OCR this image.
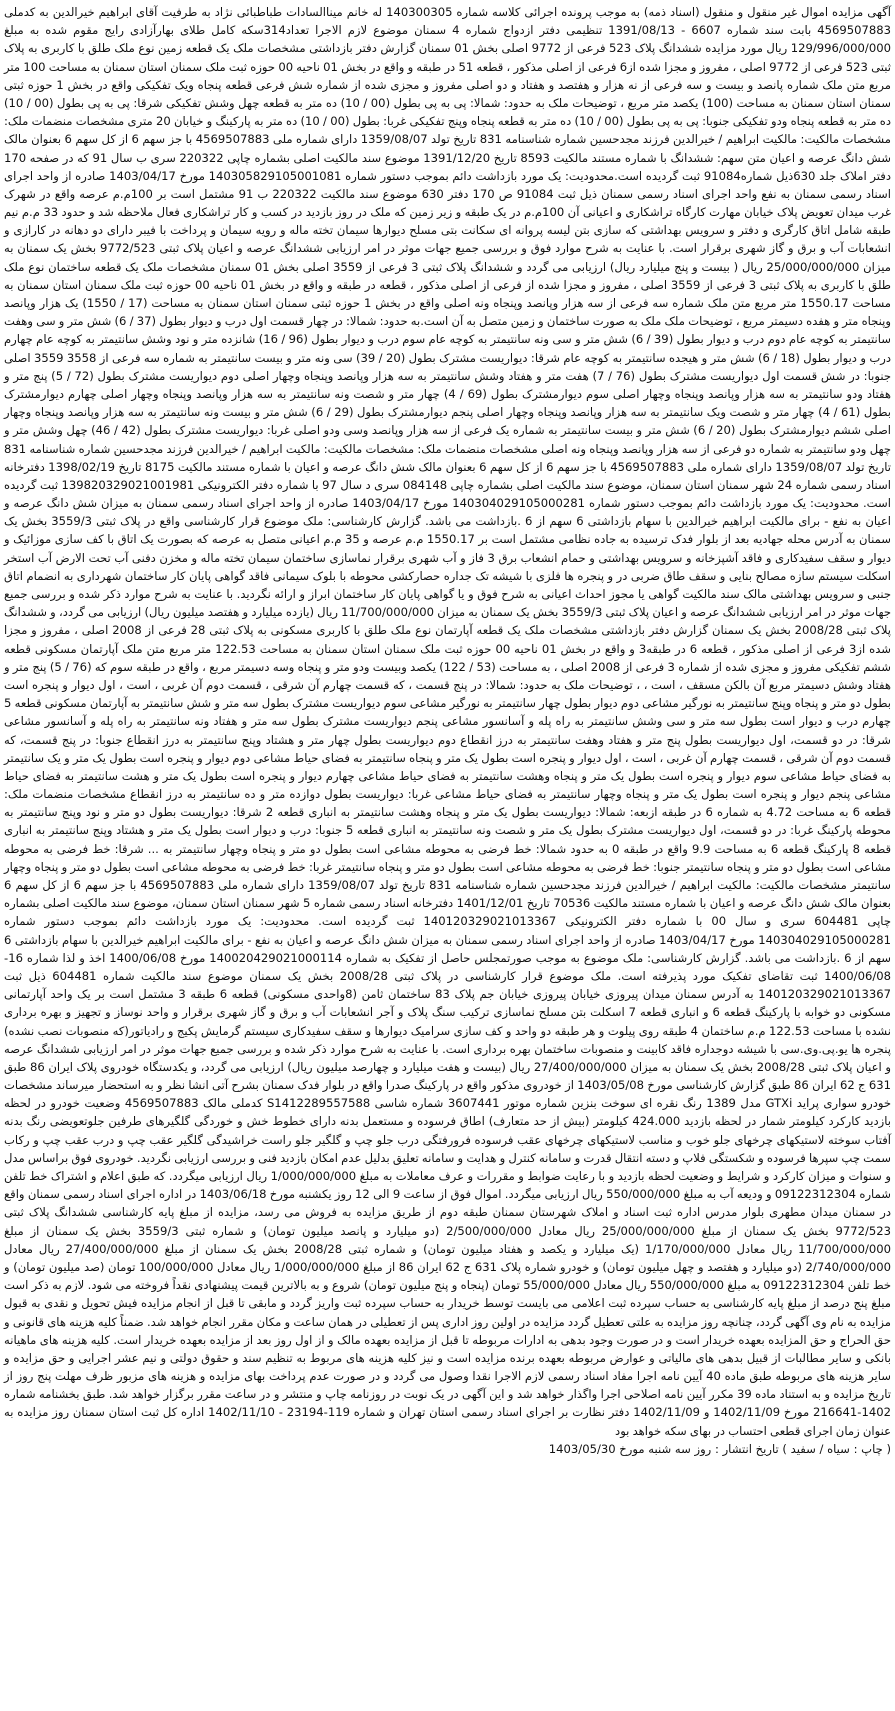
آگهی مزایده اموال غیر منقول و منقول (اسناد ذمه) به موجب پرونده اجرائی کلاسه شماره 140300305 له خانم میناالسادات طباطبائی نژاد به طرفیت آقای ابراهیم خیرالدین به کدملی 4569507883 بابت سند شماره 6607 - 1391/08/13 تنظیمی دفتر ازدواج شماره 4 سمنان موضوع لازم الاجرا تعداد314سکه کامل طلای بهارآزادی رایج مقوم شده به مبلغ 129/996/000/000 ریال مورد مزایده ششدانگ پلاک 523 فرعی از 9772 اصلی بخش 01 سمنان گزارش دفتر بازداشتی مشخصات ملک یک قطعه زمین نوع ملک طلق با کاربری به پلاک ثبتی 523 فرعی از 9772 اصلی ، مفروز و مجزا شده از6 فرعی از اصلی مذکور ، قطعه 51 در طبقه و واقع در بخش 01 ناحیه 00 حوزه ثبت ملک سمنان استان سمنان به مساحت 100 متر مربع متن ملک شماره پانصد و بیست و سه فرعی از نه هزار و هفتصد و هفتاد و دو اصلی مفروز و مجزی شده از شماره شش فرعی قطعه پنجاه ویک تفکیکی واقع در بخش 1 حوزه ثبتی سمنان استان سمنان به مساحت (100) یکصد متر مربع ، توضیحات ملک به حدود: شمالا: پی به پی بطول (00 / 10) ده متر به قطعه چهل وشش تفکیکی شرقا: پی به پی بطول (00 / 10) ده متر به قطعه پنجاه ودو تفکیکی جنوبا: پی به پی بطول (00 / 10) ده متر به قطعه پنجاه وپنج تفکیکی غربا: بطول (00 / 10) ده متر به پارکینگ و خیابان 20 متری مشخصات منضمات ملک: مشخصات مالکیت: مالکیت ابراهیم / خیرالدین فرزند مجدحسین شماره شناسنامه 831 تاریخ تولد 1359/08/07 دارای شماره ملی 4569507883 با جز سهم 6 از کل سهم 6 بعنوان مالک شش دانگ عرصه و اعیان متن سهم: ششدانگ با شماره مستند مالکیت 8593 تاریخ 1391/12/20 موضوع سند مالکیت اصلی بشماره چاپی 220322 سری ب سال 91 که در صفحه 170 دفتر املاک جلد 630ذیل شماره91084 ثبت گردیده است.محدودیت: یک مورد بازداشت دائم بموجب دستور شماره 140305829105001081 مورخ 1403/04/17 صادره از واحد اجرای اسناد رسمی سمنان به نفع واحد اجرای اسناد رسمی سمنان ذیل ثبت 91084 ص 170 دفتر 630 موضوع سند مالکیت 220322 ب 91 مشتمل است بر 100م.م عرصه واقع در شهرک غرب میدان تعویض پلاک خیابان مهارت کارگاه تراشکاری و اعیانی آن 100م.م در یک طبقه و زیر زمین که ملک در روز بازدید در کسب و کار تراشکاری فعال ملاحظه شد و حدود 33 م.م نیم طبقه شامل اتاق کارگری و دفتر و سرویس بهداشتی که سازی بتن لیسه پروانه ای سکانت بتی مسلح دیوارها سیمان تخته ماله و رویه سیمان و پرداخت با فیبر دارای دو دهانه در کارازی و انشعابات آب و برق و گاز شهری برقرار است. با عنایت به شرح موارد فوق و بررسی جمیع جهات موثر در امر ارزیابی ششدانگ عرصه و اعیان پلاک ثبتی 9772/523 بخش یک سمنان به میزان 25/000/000/000 ریال ( بیست و پنج میلیارد ریال) ارزیابی می گردد و ششدانگ پلاک ثبتی 3 فرعی از 3559 اصلی بخش 01 سمنان مشخصات ملک یک قطعه ساختمان نوع ملک طلق با کاربری به پلاک ثبتی 3 فرعی از 3559 اصلی ، مفروز و مجزا شده از فرعی از اصلی مذکور ، قطعه در طبقه و واقع در بخش 01 ناحیه 00 حوزه ثبت ملک سمنان استان سمنان به مساحت 1550.17 متر مربع متن ملک شماره سه فرعی از سه هزار وپانصد وپنجاه ونه اصلی واقع در بخش 1 حوزه ثبتی سمنان استان سمنان به مساحت (17 / 1550) یک هزار وپانصد وپنجاه متر و هفده دسیمتر مربع ، توضیحات ملک ملک به صورت ساختمان و زمین متصل به آن است.به حدود: شمالا: در چهار قسمت اول درب و دیوار بطول (37 / 6) شش متر و سی وهفت سانتیمتر به کوچه عام دوم درب و دیوار بطول (39 / 6) شش متر و سی ونه سانتیمتر به کوچه عام سوم درب و دیوار بطول (96 / 16) شانزده متر و نود وشش سانتیمتر به کوچه عام چهارم درب و دیوار بطول (18 / 6) شش متر و هیجده سانتیمتر به کوچه عام شرقا: دیواریست مشترک بطول (20 / 39) سی ونه متر و بیست سانتیمتر به شماره سه فرعی از 3558 3559 اصلی جنوبا: در شش قسمت اول دیواریست مشترک بطول (76 / 7) هفت متر و هفتاد وشش سانتیمتر به سه هزار وپانصد وپنجاه وچهار اصلی دوم دیواریست مشترک بطول (72 / 5) پنج متر و هفتاد ودو سانتیمتر به سه هزار وپانصد وپنجاه وچهار اصلی سوم دیوارمشترک بطول (69 / 4) چهار متر و شصت ونه سانتیمتر به سه هزار وپانصد وپنجاه وچهار اصلی چهارم دیوارمشترک بطول (61 / 4) چهار متر و شصت ویک سانتیمتر به سه هزار وپانصد وپنجاه وچهار اصلی پنجم دیوارمشترک بطول (29 / 6) شش متر و بیست ونه سانتیمتر به سه هزار وپانصد وپنجاه وچهار اصلی ششم دیوارمشترک بطول (20 / 6) شش متر و بیست سانتیمتر به شماره یک فرعی از سه هزار وپانصد وسی ودو اصلی غربا: دیواریست مشترک بطول (42 / 46) چهل وشش متر و چهل ودو سانتیمتر به شماره دو فرعی از سه هزار وپانصد وپنجاه ونه اصلی مشخصات منضمات ملک: مشخصات مالکیت: مالکیت ابراهیم / خیرالدین فرزند مجدحسین شماره شناسنامه 831 تاریخ تولد 1359/08/07 دارای شماره ملی 4569507883 با جز سهم 6 از کل سهم 6 بعنوان مالک شش دانگ عرصه و اعیان با شماره مستند مالکیت 8175 تاریخ 1398/02/19 دفترخانه اسناد رسمی شماره 24 شهر سمنان استان سمنان، موضوع سند مالکیت اصلی بشماره چاپی 084148 سری د سال 97 با شماره دفتر الکترونیکی 139820329021001981 ثبت گردیده است. محدودیت: یک مورد بازداشت دائم بموجب دستور شماره 140304029105000281 مورخ 1403/04/17 صادره از واحد اجرای اسناد رسمی سمنان به میزان شش دانگ عرصه و اعیان به نفع - برای مالکیت ابراهیم خیرالدین با سهام بازداشتی 6 سهم از 6 .بازداشت می باشد. گزارش کارشناسی: ملک موضوع قرار کارشناسی واقع در پلاک ثبتی 3559/3 بخش یک سمنان به آدرس محله جهادیه بعد از بلوار فدک ترسیده به جاده نظامی مشتمل است بر 1550.17 م.م عرصه و 35 م.م اعیانی متصل به عرصه که بصورت یک اتاق با کف سازی موزائیک و دیوار و سقف سفیدکاری و فاقد آشپزخانه و سرویس بهداشتی و حمام انشعاب برق 3 فاز و آب شهری برقرار نماسازی ساختمان سیمان تخته ماله و مخزن دفنی آب تحت الارض آب استخر اسکلت سیستم سازه مصالح بنایی و سقف طاق ضربی در و پنجره ها فلزی با شیشه تک جداره حصارکشی محوطه با بلوک سیمانی فاقد گواهی پایان کار ساختمان شهرداری به انضمام اتاق جنبی و سرویس بهداشتی مالک سند مالکیت گواهی یا مجوز احداث اعیانی به شرح فوق و یا گواهی پایان کار ساختمان ابراز و ارائه نگردید. با عنایت به شرح موارد ذکر شده و بررسی جمیع جهات موثر در امر ارزیابی ششدانگ عرصه و اعیان پلاک ثبتی 3559/3 بخش یک سمنان به میزان 11/700/000/000 ریال (یازده میلیارد و هفتصد میلیون ریال) ارزیابی می گردد، و ششدانگ پلاک ثبتی 2008/28 بخش یک سمنان گزارش دفتر بازداشتی مشخصات ملک یک قطعه آپارتمان نوع ملک طلق با کاربری مسکونی به پلاک ثبتی 28 فرعی از 2008 اصلی ، مفروز و مجزا شده از3 فرعی از اصلی مذکور ، قطعه 6 در طبقه3 و واقع در بخش 01 ناحیه 00 حوزه ثبت ملک سمنان استان سمنان به مساحت 122.53 متر مربع متن ملک آپارتمان مسکونی قطعه ششم تفکیکی مفروز و مجزی شده از شماره 3 فرعی از 2008 اصلی ، به مساحت (53 / 122) یکصد وبیست ودو متر و پنجاه وسه دسیمتر مربع ، واقع در طبقه سوم که (76 / 5) پنج متر و هفتاد وشش دسیمتر مربع آن بالکن مسقف ، است ، ، توضیحات ملک به حدود: شمالا: در پنج قسمت ، که قسمت چهارم آن شرقی ، قسمت دوم آن غربی ، است ، اول دیوار و پنجره است بطول دو متر و پنجاه وپنج سانتیمتر به نورگیر مشاعی دوم دیوار بطول چهار سانتیمتر به نورگیر مشاعی سوم دیواریست مشترک بطول سه متر و شش سانتیمتر به آپارتمان مسکونی قطعه 5 چهارم درب و دیوار است بطول سه متر و سی وشش سانتیمتر به راه پله و آسانسور مشاعی پنجم دیواریست مشترک بطول سه متر و هفتاد ونه سانتیمتر به راه پله و آسانسور مشاعی شرقا: در دو قسمت، اول دیواریست بطول پنج متر و هفتاد وهفت سانتیمتر به درز انقطاع دوم دیواریست بطول چهار متر و هشتاد وپنج سانتیمتر به درز انقطاع جنوبا: در پنج قسمت، که قسمت دوم آن شرقی ، قسمت چهارم آن غربی ، است ، اول دیوار و پنجره است بطول یک متر و پنجاه سانتیمتر به فضای حیاط مشاعی دوم دیوار و پنجره است بطول یک متر و یک سانتیمتر به فضای حیاط مشاعی سوم دیوار و پنجره است بطول یک متر و پنجاه وهشت سانتیمتر به فضای حیاط مشاعی چهارم دیوار و پنجره است بطول یک متر و هشت سانتیمتر به فضای حیاط مشاعی پنجم دیوار و پنجره است بطول یک متر و پنجاه وچهار سانتیمتر به فضای حیاط مشاعی غربا: دیواریست بطول دوازده متر و ده سانتیمتر به درز انقطاع مشخصات منضمات ملک: قطعه 6 به مساحت 4.72 به شماره 6 در طبقه ازبعه: شمالا: دیواریست بطول یک متر و پنجاه وهشت سانتیمتر به انباری قطعه 2 شرقا: دیواریست بطول دو متر و نود وپنج سانتیمتر به محوطه پارکینگ غربا: در دو قسمت، اول دیواریست مشترک بطول یک متر و شصت ونه سانتیمتر به انباری قطعه 5 جنوبا: درب و دیوار است بطول یک متر و هشتاد وپنج سانتیمتر به انباری قطعه 8 پارکینگ قطعه 6 به مساحت 9.9 واقع در طبقه 0 به حدود شمالا: خط فرضی به محوطه مشاعی است بطول دو متر و پنجاه وچهار سانتیمتر به ... شرقا: خط فرضی به محوطه مشاعی است بطول دو متر و پنجاه سانتیمتر جنوبا: خط فرضی به محوطه مشاعی است بطول دو متر و پنجاه سانتیمتر غربا: خط فرضی به محوطه مشاعی است بطول دو متر و پنجاه وچهار سانتیمتر مشخصات مالکیت: مالکیت ابراهیم / خیرالدین فرزند مجدحسین شماره شناسنامه 831 تاریخ تولد 1359/08/07 دارای شماره ملی 4569507883 با جز سهم 6 از کل سهم 6 بعنوان مالک شش دانگ عرصه و اعیان با شماره مستند مالکیت 70536 تاریخ 1401/12/01 دفترخانه اسناد رسمی شماره 5 شهر سمنان استان سمنان، موضوع سند مالکیت اصلی بشماره چاپی 604481 سری و سال 00 با شماره دفتر الکترونیکی 140120329021013367 ثبت گردیده است. محدودیت: یک مورد بازداشت دائم بموجب دستور شماره 140304029105000281 مورخ 1403/04/17 صادره از واحد اجرای اسناد رسمی سمنان به میزان شش دانگ عرصه و اعیان به نفع - برای مالکیت ابراهیم خیرالدین با سهام بازداشتی 6 سهم از 6 .بازداشت می باشد. گزارش کارشناسی: ملک موضوع به موجب صورتمجلس حاصل از تفکیک به شماره 140020429021000114 مورخ 1400/06/08 اخذ و لذا شماره 16-1400/06/08 ثبت تقاضای تفکیک مورد پذیرفته است. ملک موضوع قرار کارشناسی در پلاک ثبتی 2008/28 بخش یک سمنان موضوع سند مالکیت شماره 604481 ذیل ثبت 140120329021013367 به آدرس سمنان میدان پیروزی خیابان پیروزی خیابان جم پلاک 83 ساختمان ثامن (8واحدی مسکونی) قطعه 6 طبقه 3 مشتمل است بر یک واحد آپارتمانی مسکونی دو خوابه با پارکینگ قطعه 6 و انباری قطعه 7 اسکلت بتن مسلح نماسازی ترکیب سنگ پلاک و آجر انشعابات آب و برق و گاز شهری برقرار و واحد نوساز و تجهیز و بهره برداری نشده با مساحت 122.53 م.م ساختمان 4 طبقه روی پیلوت و هر طبقه دو واحد و کف سازی سرامیک دیوارها و سقف سفیدکاری سیستم گرمایش پکیج و رادیاتور(که منصوبات نصب نشده) پنجره ها یو.پی.وی.سی با شیشه دوجداره فاقد کابینت و منصوبات ساختمان بهره برداری است. با عنایت به شرح موارد ذکر شده و بررسی جمیع جهات موثر در امر ارزیابی ششدانگ عرصه و اعیان پلاک ثبتی 2008/28 بخش یک سمنان به میزان 27/400/000/000 ریال (بیست و هفت میلیارد و چهارصد میلیون ریال) ارزیابی می گردد، و یکدستگاه خودروی پلاک ایران 86 طبق 631 ج 62 ایران 86 طبق گزارش کارشناسی مورخ 1403/05/08 از خودروی مذکور واقع در پارکینگ صدرا واقع در بلوار فدک سمنان بشرح آتی انشا نظر و به استحضار میرساند مشخصات خودرو سواری پراید GTXi مدل 1389 رنگ نقره ای سوخت بنزین شماره موتور 3607441 شماره شاسی S1412289557588 کدملی مالک 4569507883 وضعیت خودرو در لحظه بازدید کارکرد کیلومتر شمار در لحظه بازدید 424.000 کیلومتر (بیش از حد متعارف) اطاق فرسوده و مستعمل بدنه دارای خطوط خش و خوردگی گلگیرهای طرفین جلوتعویضی رنگ بدنه آفتاب سوخته لاستیکهای چرخهای جلو خوب و مناسب لاستیکهای چرخهای عقب فرسوده فرورفتگی درب جلو چپ و گلگیر جلو راست خراشیدگی گلگیر عقب چپ و درب عقب چپ و رکاب سمت چپ سپرها فرسوده و شکستگی فلاپ و دسته انتقال قدرت و سامانه کنترل و هدایت و سامانه تعلیق بدلیل عدم امکان بازدید فنی و بررسی ارزیابی نگردید. خودروی فوق براساس مدل و سنوات و میزان کارکرد و شرایط و وضعیت لحظه بازدید و با رعایت ضوابط و مقررات و عرف معاملات به مبلغ 1/000/000/000 ریال ارزیابی میگردد. که طبق اعلام و اشتراک خط تلفن شماره 09122312304 و ودیعه آب به مبلغ 550/000/000 ریال ارزیابی میگردد. اموال فوق از ساعت 9 الی 12 روز یکشنبه مورخ 1403/06/18 در اداره اجرای اسناد رسمی سمنان واقع در سمنان میدان مطهری بلوار مدرس اداره ثبت اسناد و املاک شهرستان سمنان طبقه دوم از طریق مزایده به فروش می رسد، مزایده از مبلغ پایه کارشناسی ششدانگ پلاک ثبتی 9772/523 بخش یک سمنان از مبلغ 25/000/000/000 ریال معادل 2/500/000/000 (دو میلیارد و پانصد میلیون تومان) و شماره ثبتی 3559/3 بخش یک سمنان از مبلغ 11/700/000/000 ریال معادل 1/170/000/000 (یک میلیارد و یکصد و هفتاد میلیون تومان) و شماره ثبتی 2008/28 بخش یک سمنان از مبلغ 27/400/000/000 ریال معادل 2/740/000/000 (دو میلیارد و هفتصد و چهل میلیون تومان) و خودرو شماره پلاک 631 ج 62 ایران 86 از مبلغ 1/000/000/000 ریال معادل 100/000/000 تومان (صد میلیون تومان) و خط تلفن 09122312304 به مبلغ 550/000/000 ریال معادل 55/000/000 تومان (پنجاه و پنج میلیون تومان) شروع و به بالاترین قیمت پیشنهادی نقداً فروخته می شود. لازم به ذکر است مبلغ پنج درصد از مبلغ پایه کارشناسی به حساب سپرده ثبت اعلامی می بایست توسط خریدار به حساب سپرده ثبت واریز گردد و مابقی تا قبل از انجام مزایده فیش تحویل و نقدی به قبول مزایده به نام وی آگهی گردد، چنانچه روز مزایده به علتی تعطیل گردد مزایده در اولین روز اداری پس از تعطیلی در همان ساعت و مکان مقرر انجام خواهد شد. ضمناً کلیه هزینه های قانونی و حق الحراج و حق المزایده بعهده خریدار است و در صورت وجود بدهی به ادارات مربوطه تا قبل از مزایده بعهده مالک و از اول روز بعد از مزایده بعهده خریدار است. کلیه هزینه های ماهیانه بانکی و سایر مطالبات از قبیل بدهی های مالیاتی و عوارض مربوطه بعهده برنده مزایده است و نیز کلیه هزینه های مربوط به تنظیم سند و حقوق دولتی و نیم عشر اجرایی و حق مزایده و سایر هزینه های مربوطه طبق ماده 40 آیین نامه اجرا مفاد اسناد رسمی لازم الاجرا نقدا وصول می گردد و در صورت عدم پرداخت بهای مزایده و هزینه های مزبور ظرف مهلت پنج روز از تاریخ مزایده و به استناد ماده 39 مکرر آیین نامه اصلاحی اجرا واگذار خواهد شد و این آگهی در یک نوبت در روزنامه چاپ و منتشر و در ساعت مقرر برگزار خواهد شد. طبق بخشنامه شماره 1402-216641 مورخ 1402/11/09 و 1402/11/09 دفتر نظارت بر اجرای اسناد رسمی استان تهران و شماره 119-23194 - 1402/11/10 اداره کل ثبت استان سمنان روز مزایده به عنوان زمان اجرای قطعی احتساب در بهای سکه خواهد بود

( چاپ : سیاه / سفید ) تاریخ انتشار : روز سه شنبه مورخ 1403/05/30
